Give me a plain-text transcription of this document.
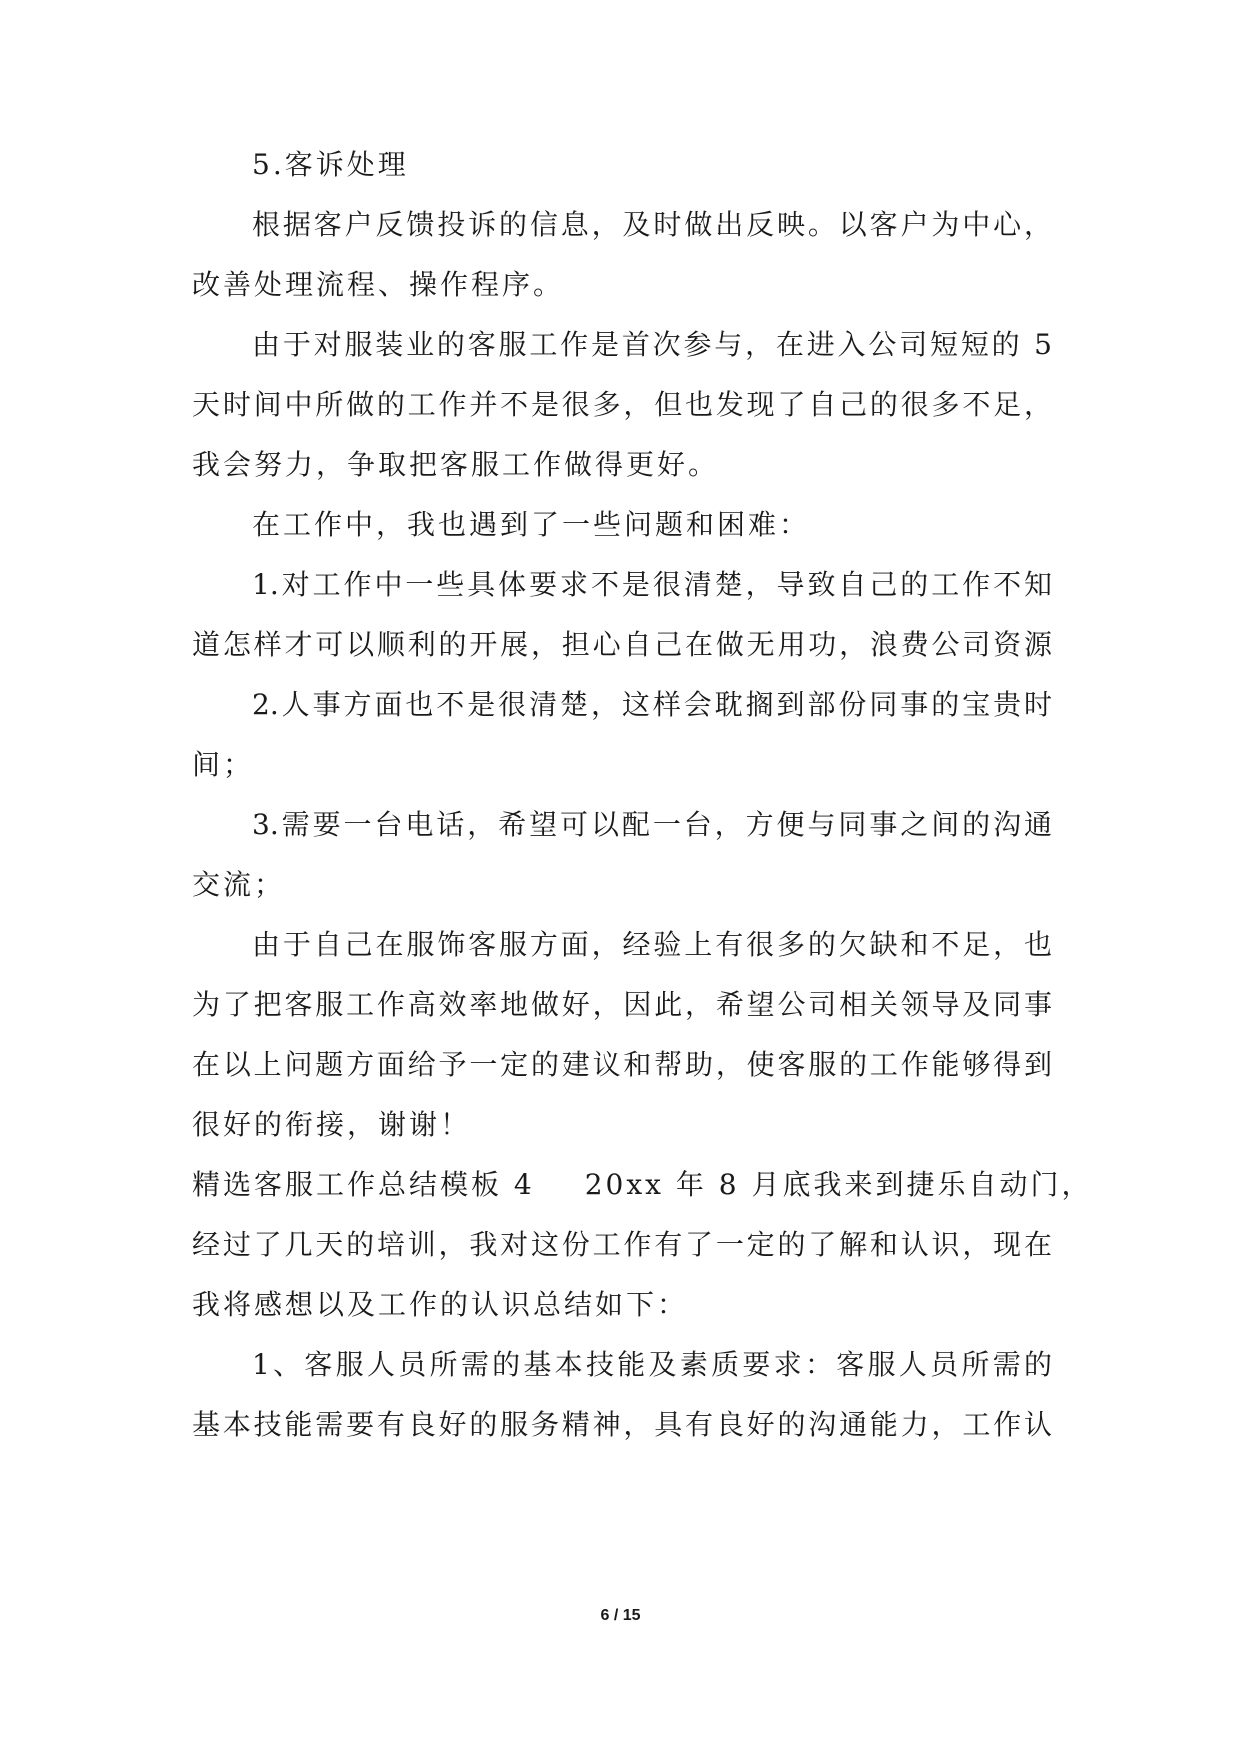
5.客诉处理
根据客户反馈投诉的信息，及时做出反映。以客户为中心，
改善处理流程、操作程序。
由于对服装业的客服工作是首次参与，在进入公司短短的 5
天时间中所做的工作并不是很多，但也发现了自己的很多不足，
我会努力，争取把客服工作做得更好。
在工作中，我也遇到了一些问题和困难：
1.对工作中一些具体要求不是很清楚，导致自己的工作不知
道怎样才可以顺利的开展，担心自己在做无用功，浪费公司资源
2.人事方面也不是很清楚，这样会耽搁到部份同事的宝贵时
间；
3.需要一台电话，希望可以配一台，方便与同事之间的沟通
交流；
由于自己在服饰客服方面，经验上有很多的欠缺和不足，也
为了把客服工作高效率地做好，因此，希望公司相关领导及同事
在以上问题方面给予一定的建议和帮助，使客服的工作能够得到
很好的衔接，谢谢！
精选客服工作总结模板 4 20xx 年 8 月底我来到捷乐自动门，
经过了几天的培训，我对这份工作有了一定的了解和认识，现在
我将感想以及工作的认识总结如下：
1、客服人员所需的基本技能及素质要求：客服人员所需的
基本技能需要有良好的服务精神，具有良好的沟通能力，工作认
6 / 15
